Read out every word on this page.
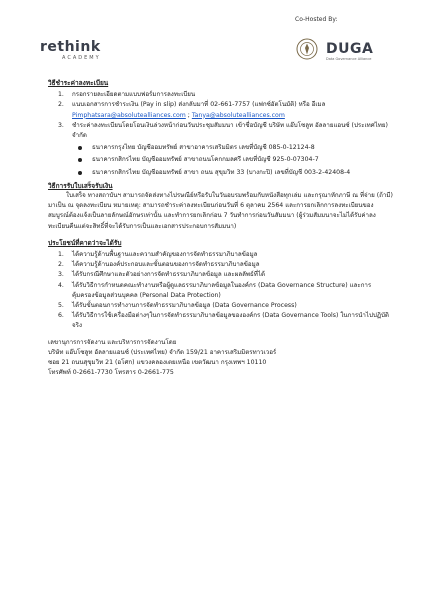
rethink
ACADEMY
Co-Hosted By:
DUGA
Data Governance Alliance

วิธีชำระค่าลงทะเบียน

1. กรอกรายละเอียดตามแบบฟอร์มการลงทะเบียน
2. แนบเอกสารการชำระเงิน (Pay in slip) ส่งกลับมาที่ 02-661-7757 (แฟกซ์อัตโนมัติ) หรือ อีเมล
Pimphatsara@absolutealliances.com ; Tanya@absolutealliances.com
3. ชำระค่าลงทะเบียนโดยโอนเงินล่วงหน้าก่อนวันประชุมสัมมนา เข้าชื่อบัญชี บริษัท แอ๊บโซลูท อัลลายแอนซ์ (ประเทศไทย) จำกัด
ธนาคารกรุงไทย บัญชีออมทรัพย์ สาขาอาคารเสริมมิตร เลขที่บัญชี 085-0-12124-8
ธนาคารกสิกรไทย บัญชีออมทรัพย์ สาขาถนนโคกกมลศรี เลขที่บัญชี 925-0-07304-7
ธนาคารกสิกรไทย บัญชีออมทรัพย์ สาขา ถนน สุขุมวิท 33 (บางกะปิ) เลขที่บัญชี 003-2-42408-4

วิธีการรับใบเสร็จรับเงิน

ใบเสร็จ ทางสถาบันฯ สามารถจัดส่งทางไปรษณีย์หรือรับในวันอบรมพร้อมกับหนังสือทุกเล่ม และกรุณาหักภาษี ณ ที่จ่าย (ถ้ามี) มาเป็น ณ จุดลงทะเบียน หมายเหตุ: สามารถชำระค่าลงทะเบียนก่อนวันที่ 6 ตุลาคม 2564 และการยกเลิกการลงทะเบียนของสมบูรณ์ต้องแจ้งเป็นลายลักษณ์อักษรเท่านั้น และทำการยกเลิกก่อน 7 วันทำการก่อนวันสัมมนา (ผู้ร่วมสัมมนาจะไม่ได้รับค่าลงทะเบียนคืนแต่จะสิทธิ์ที่จะได้รับการเป็นและเอกสารประกอบการสัมมนา)

ประโยชน์ที่คาดว่าจะได้รับ

1. ได้ความรู้ด้านพื้นฐานและความสำคัญของการจัดทำธรรมาภิบาลข้อมูล
2. ได้ความรู้ด้านองค์ประกอบและขั้นตอนของการจัดทำธรรมาภิบาลข้อมูล
3. ได้รับกรณีศึกษาและตัวอย่างการจัดทำธรรมาภิบาลข้อมูล และผลลัพธ์ที่ได้
4. ได้รับวิธีการกำหนดคณะทำงานหรือผู้ดูแลธรรมาภิบาลข้อมูลในองค์กร (Data Governance Structure) และการคุ้มครองข้อมูลส่วนบุคคล (Personal Data Protection)
5. ได้รับขั้นตอนการทำงานการจัดทำธรรมาภิบาลข้อมูล (Data Governance Process)
6. ได้รับวิธีการใช้เครื่องมือต่างๆในการจัดทำธรรมาภิบาลข้อมูลขององค์กร (Data Governance Tools) ในการนำไปปฏิบัติจริง

เลขานุการการจัดงาน และบริหารการจัดงานโดย

บริษัท แอ๊บโซลูท อัลลายแอนซ์ (ประเทศไทย) จำกัด 159/21 อาคารเสริมมิตรทาวเวอร์

ซอย 21 ถนนสุขุมวิท 21 (อโศก) แขวงคลองเตยเหนือ เขตวัฒนา กรุงเทพฯ 10110

โทรศัพท์ 0-2661-7730 โทรสาร 0-2661-775
